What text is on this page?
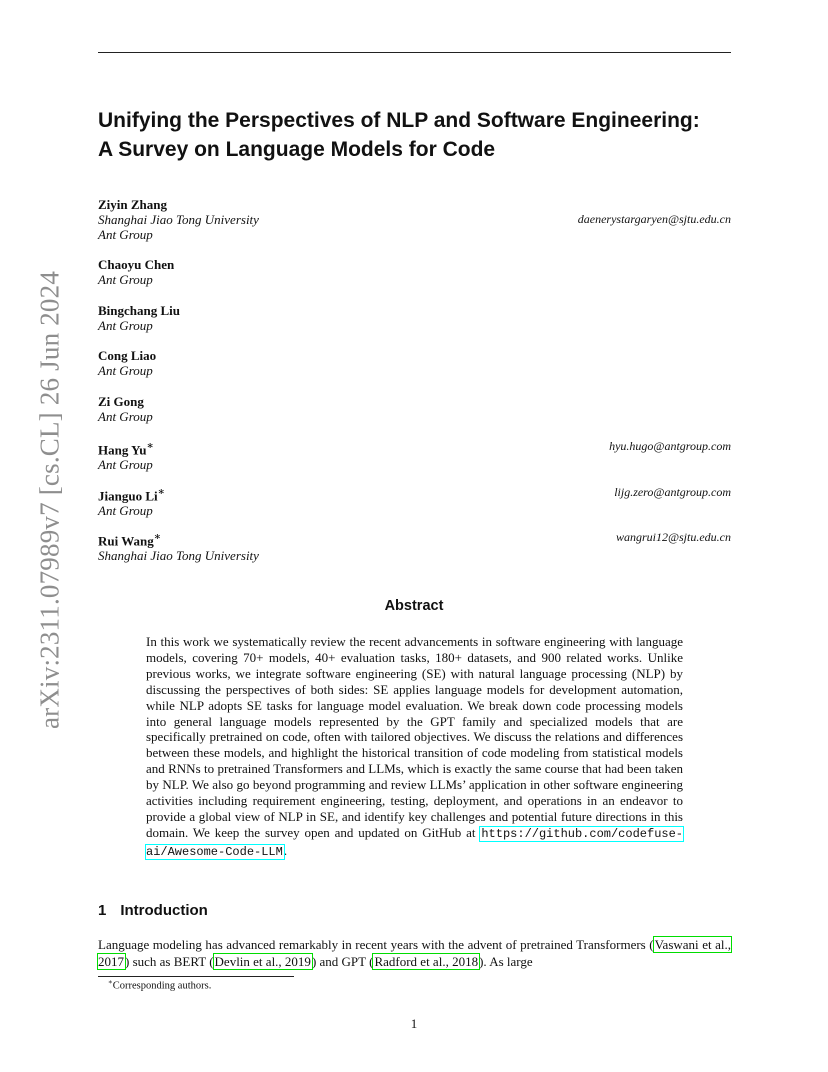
arXiv:2311.07989v7 [cs.CL] 26 Jun 2024
Unifying the Perspectives of NLP and Software Engineering:
A Survey on Language Models for Code
Ziyin Zhang
Shanghai Jiao Tong University
Ant Group
daenerystargaryen@sjtu.edu.cn
Chaoyu Chen
Ant Group
Bingchang Liu
Ant Group
Cong Liao
Ant Group
Zi Gong
Ant Group
Hang Yu∗
Ant Group
hyu.hugo@antgroup.com
Jianguo Li∗
Ant Group
lijg.zero@antgroup.com
Rui Wang∗
Shanghai Jiao Tong University
wangrui12@sjtu.edu.cn
Abstract
In this work we systematically review the recent advancements in software engineering with language models, covering 70+ models, 40+ evaluation tasks, 180+ datasets, and 900 related works. Unlike previous works, we integrate software engineering (SE) with natural language processing (NLP) by discussing the perspectives of both sides: SE applies language models for development automation, while NLP adopts SE tasks for language model evaluation. We break down code processing models into general language models represented by the GPT family and specialized models that are specifically pretrained on code, often with tailored objectives. We discuss the relations and differences between these models, and highlight the historical transition of code modeling from statistical models and RNNs to pretrained Transformers and LLMs, which is exactly the same course that had been taken by NLP. We also go beyond programming and review LLMs’ application in other software engineering activities including requirement engineering, testing, deployment, and operations in an endeavor to provide a global view of NLP in SE, and identify key challenges and potential future directions in this domain. We keep the survey open and updated on GitHub at https://github.com/codefuse-ai/Awesome-Code-LLM.
1 Introduction
Language modeling has advanced remarkably in recent years with the advent of pretrained Transformers (Vaswani et al., 2017) such as BERT (Devlin et al., 2019) and GPT (Radford et al., 2018). As large
∗Corresponding authors.
1
